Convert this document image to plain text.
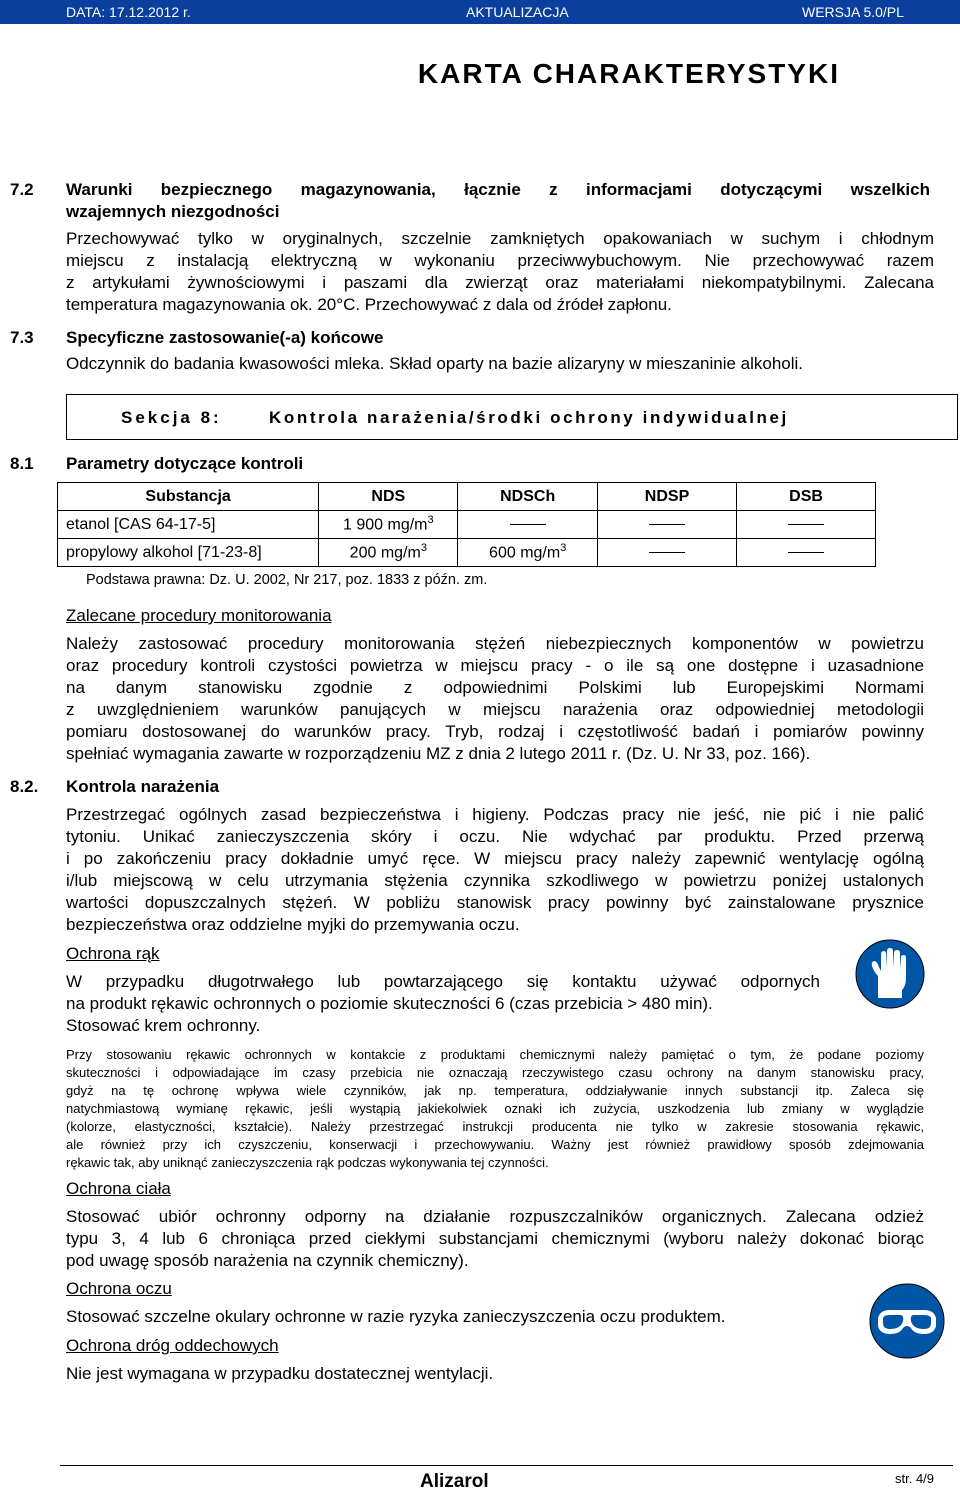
DATA: 17.12.2012 r.	AKTUALIZACJA	WERSJA 5.0/PL
KARTA CHARAKTERYSTYKI
7.2 Warunki bezpiecznego magazynowania, łącznie z informacjami dotyczącymi wszelkich
wzajemnych niezgodności
Przechowywać tylko w oryginalnych, szczelnie zamkniętych opakowaniach w suchym i chłodnym
miejscu z instalacją elektryczną w wykonaniu przeciwwybuchowym. Nie przechowywać razem
z artykułami żywnościowymi i paszami dla zwierząt oraz materiałami niekompatybilnymi. Zalecana
temperatura magazynowania ok. 20°C. Przechowywać z dala od źródeł zapłonu.
7.3 Specyficzne zastosowanie(-a) końcowe
Odczynnik do badania kwasowości mleka. Skład oparty na bazie alizaryny w mieszaninie alkoholi.
Sekcja 8:	Kontrola narażenia/środki ochrony indywidualnej
8.1 Parametry dotyczące kontroli
Substancja	NDS	NDSCh	NDSP	DSB
etanol [CAS 64-17-5]	1 900 $mg/m^3$			
propylowy alkohol [71-23-8]	200 $mg/m^3$	600 $mg/m^3$		
Podstawa prawna: Dz. U. 2002, Nr 217, poz. 1833 z późn. zm.
Zalecane procedury monitorowania
Należy zastosować procedury monitorowania stężeń niebezpiecznych komponentów w powietrzu
oraz procedury kontroli czystości powietrza w miejscu pracy - o ile są one dostępne i uzasadnione
na danym stanowisku zgodnie z odpowiednimi Polskimi lub Europejskimi Normami
z uwzględnieniem warunków panujących w miejscu narażenia oraz odpowiedniej metodologii
pomiaru dostosowanej do warunków pracy. Tryb, rodzaj i częstotliwość badań i pomiarów powinny
spełniać wymagania zawarte w rozporządzeniu MZ z dnia 2 lutego 2011 r. (Dz. U. Nr 33, poz. 166).
8.2. Kontrola narażenia
Przestrzegać ogólnych zasad bezpieczeństwa i higieny. Podczas pracy nie jeść, nie pić i nie palić
tytoniu. Unikać zanieczyszczenia skóry i oczu. Nie wdychać par produktu. Przed przerwą
i po zakończeniu pracy dokładnie umyć ręce. W miejscu pracy należy zapewnić wentylację ogólną
i/lub miejscową w celu utrzymania stężenia czynnika szkodliwego w powietrzu poniżej ustalonych
wartości dopuszczalnych stężeń. W pobliżu stanowisk pracy powinny być zainstalowane prysznice
bezpieczeństwa oraz oddzielne myjki do przemywania oczu.
Ochrona rąk
W przypadku długotrwałego lub powtarzającego się kontaktu używać odpornych
na produkt rękawic ochronnych o poziomie skuteczności 6 (czas przebicia > 480 min).
Stosować krem ochronny.
Przy stosowaniu rękawic ochronnych w kontakcie z produktami chemicznymi należy pamiętać o tym, że podane poziomy
skuteczności i odpowiadające im czasy przebicia nie oznaczają rzeczywistego czasu ochrony na danym stanowisku pracy,
gdyż na tę ochronę wpływa wiele czynników, jak np. temperatura, oddziaływanie innych substancji itp. Zaleca się
natychmiastową wymianę rękawic, jeśli wystąpią jakiekolwiek oznaki ich zużycia, uszkodzenia lub zmiany w wyglądzie
(kolorze, elastyczności, kształcie). Należy przestrzegać instrukcji producenta nie tylko w zakresie stosowania rękawic,
ale również przy ich czyszczeniu, konserwacji i przechowywaniu. Ważny jest również prawidłowy sposób zdejmowania
rękawic tak, aby uniknąć zanieczyszczenia rąk podczas wykonywania tej czynności.
Ochrona ciała
Stosować ubiór ochronny odporny na działanie rozpuszczalników organicznych. Zalecana odzież
typu 3, 4 lub 6 chroniąca przed ciekłymi substancjami chemicznymi (wyboru należy dokonać biorąc
pod uwagę sposób narażenia na czynnik chemiczny).
Ochrona oczu
Stosować szczelne okulary ochronne w razie ryzyka zanieczyszczenia oczu produktem.
Ochrona dróg oddechowych
Nie jest wymagana w przypadku dostatecznej wentylacji.
Alizarol	str. 4/9
